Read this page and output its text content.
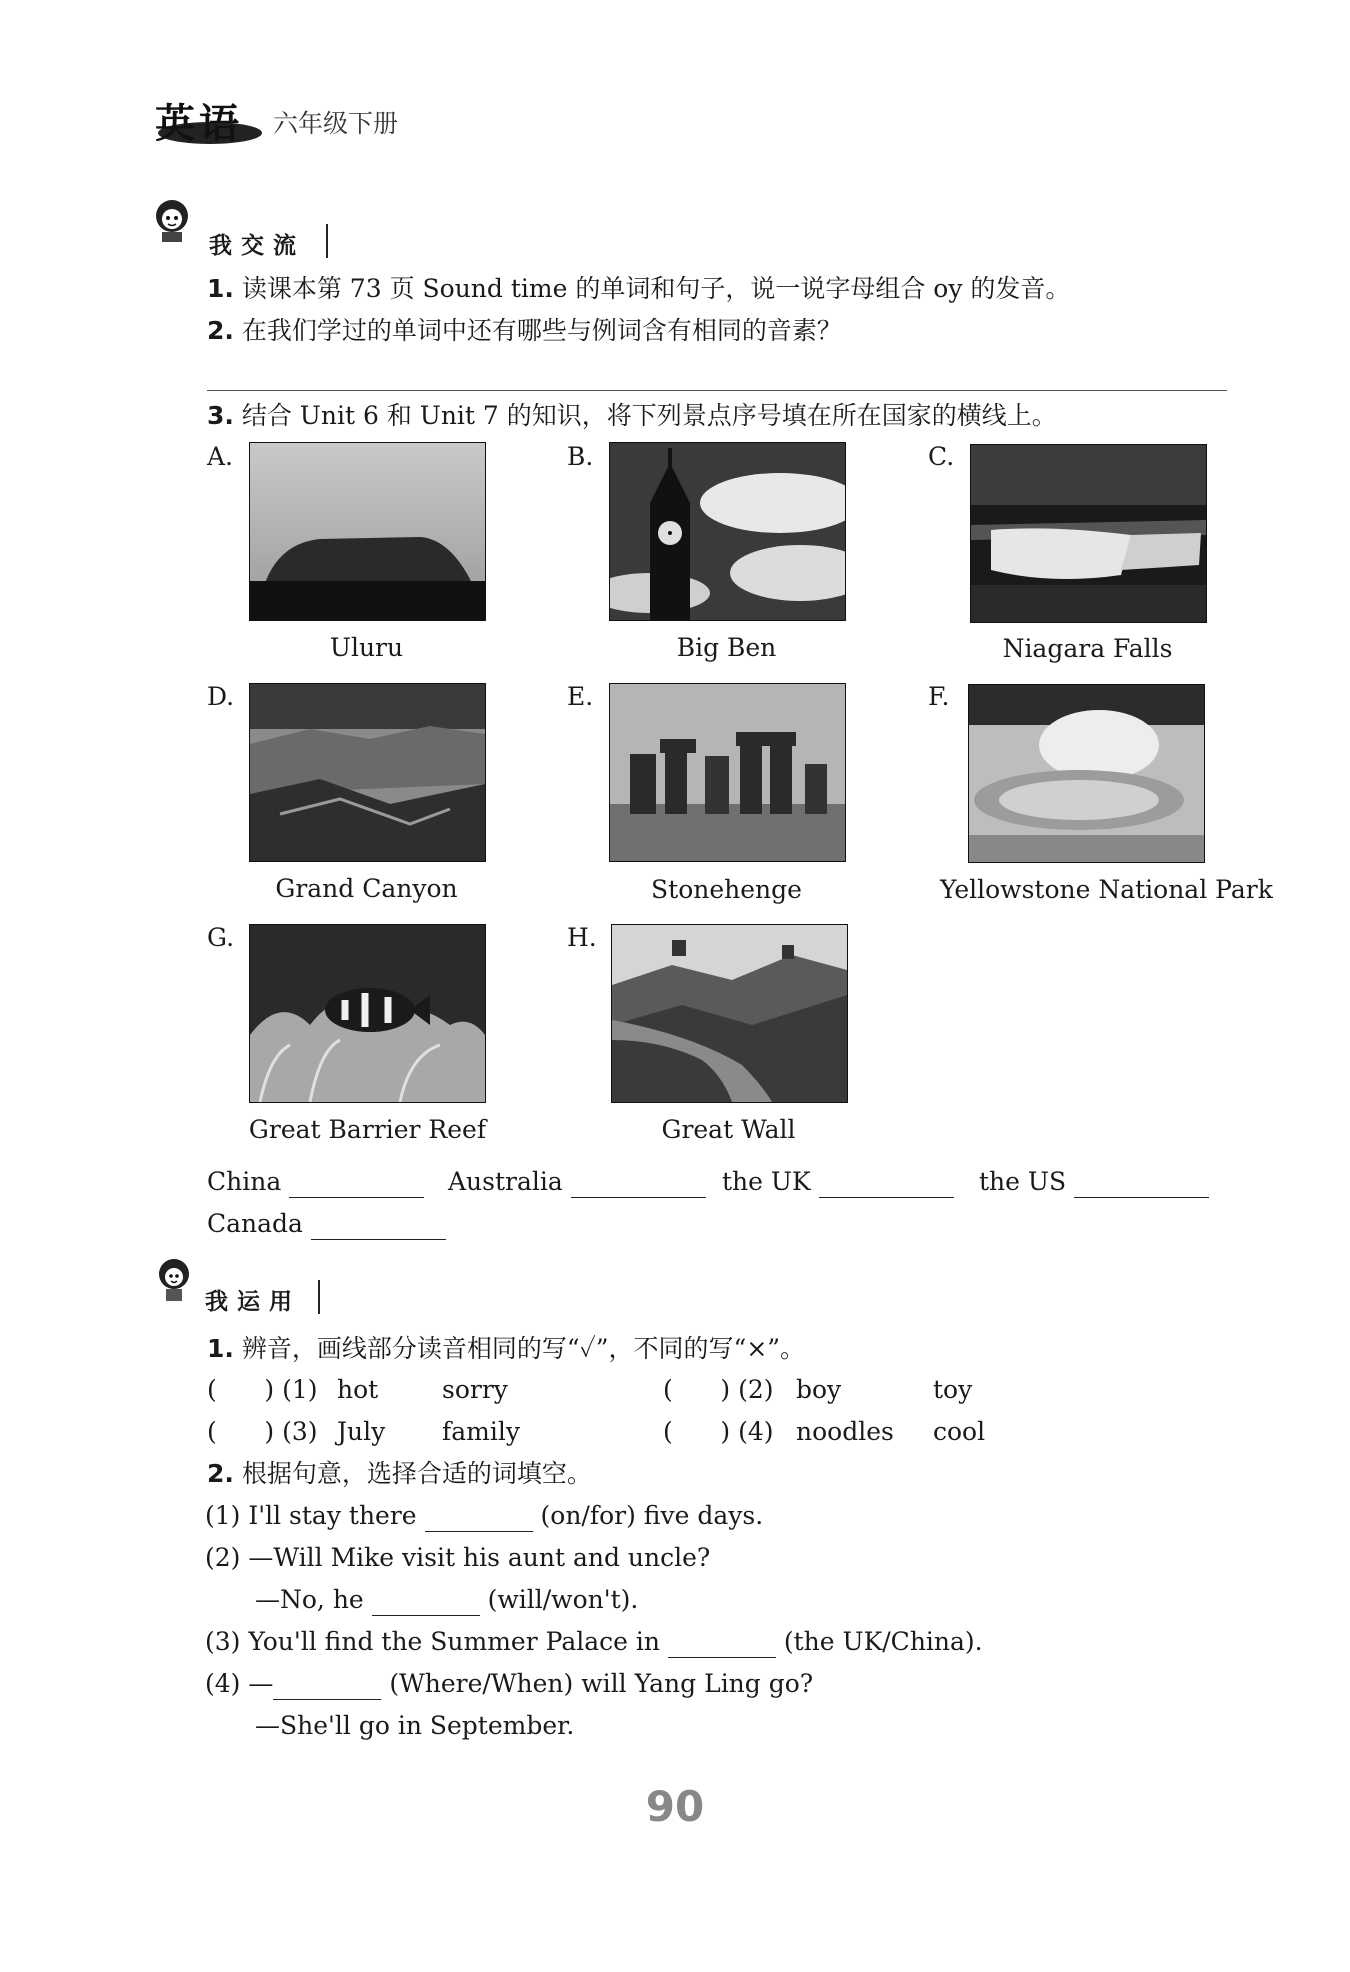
英语 六年级下册
我交流
1. 读课本第 73 页 Sound time 的单词和句子，说一说字母组合 oy 的发音。
2. 在我们学过的单词中还有哪些与例词含有相同的音素？
3. 结合 Unit 6 和 Unit 7 的知识，将下列景点序号填在所在国家的横线上。
A.	B.	C.
Uluru	Big Ben	Niagara Falls
D.	E.	F.
Grand Canyon	Stonehenge	Yellowstone National Park
G.	H.
Great Barrier Reef	Great Wall
China	Australia	the UK	the US
Canada
我运用
1. 辨音，画线部分读音相同的写“✓”，不同的写“×”。
(      ) (1) hot	sorry	(      ) (2) boy	toy
(      ) (3) July family	(      ) (4) noodles cool
2. 根据句意，选择合适的词填空。
(1) I'll stay there	(on/for) five days.
(2) —Will Mike visit his aunt and uncle?
—No, he	(will/won't).
(3) You'll find the Summer Palace in	(the UK/China).
(4) —	(Where/When) will Yang Ling go?
—She'll go in September.
90
